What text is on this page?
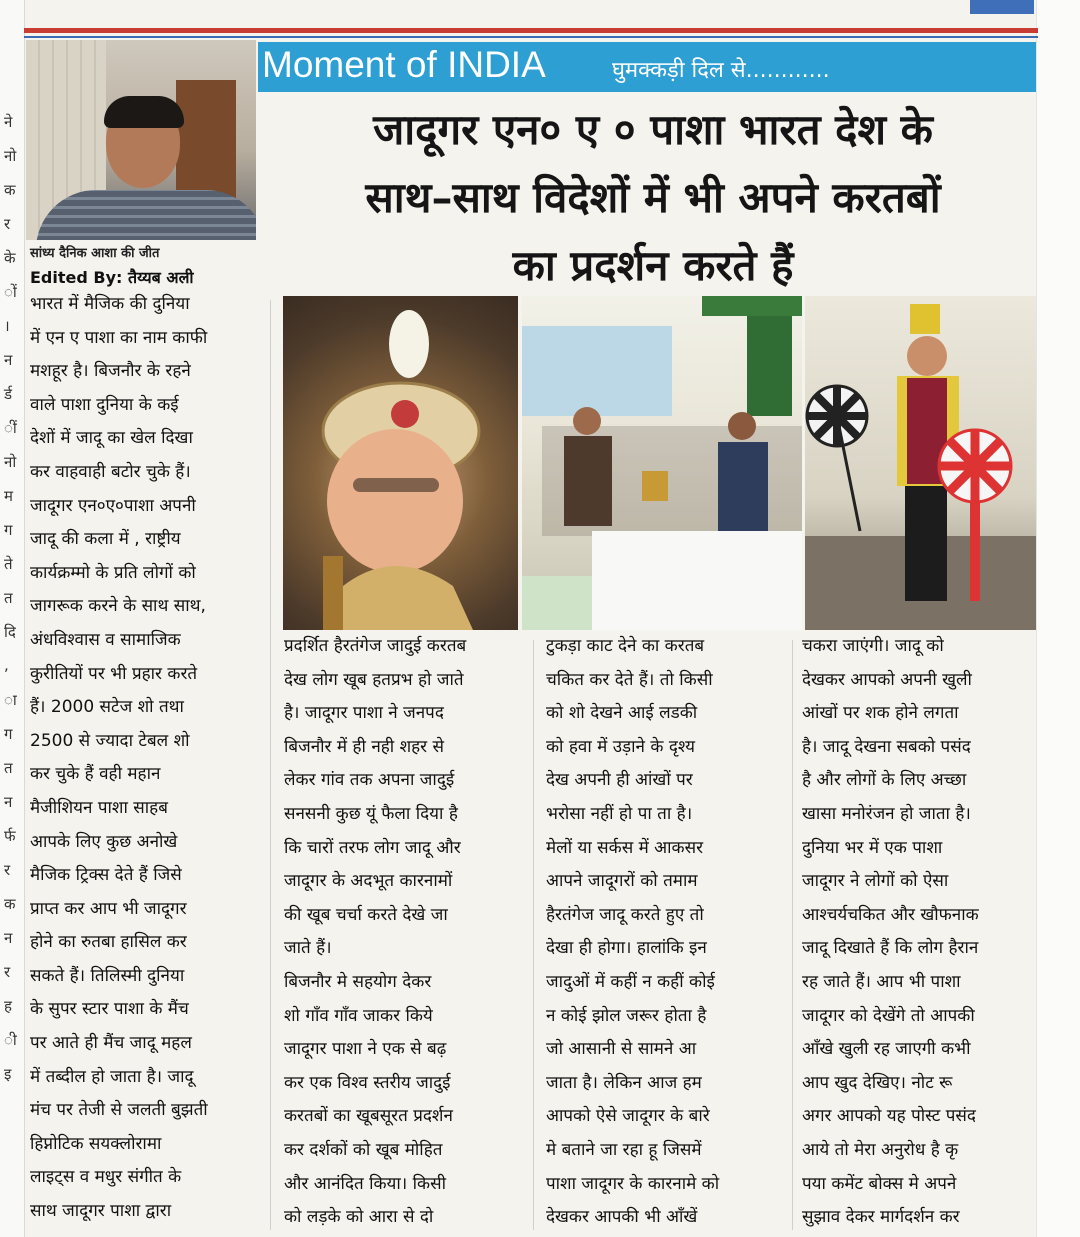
ने
नो
क
र
के
ों
।
न
र्ड
ीं
नो
म
ग
ते
त
दि
,
ा
ग
त
न
र्फ
र
क
न
र
ह
ी
इ
सांध्य दैनिक आशा की जीत
Edited By: तैय्यब अली
Moment of INDIA	घुमक्कड़ी दिल से............
जादूगर एन० ए ० पाशा भारत देश के
साथ–साथ विदेशों में भी अपने करतबों
का प्रदर्शन करते हैं
भारत में मैजिक की दुनिया
में एन ए पाशा का नाम काफी
मशहूर है। बिजनौर के रहने
वाले पाशा दुनिया के कई
देशों में जादू का खेल दिखा
कर वाहवाही बटोर चुके हैं।
जादूगर एन०ए०पाशा अपनी
जादू की कला में , राष्ट्रीय
कार्यक्रम्मो के प्रति लोगों को
जागरूक करने के साथ साथ,
अंधविश्वास व सामाजिक
कुरीतियों पर भी प्रहार करते
हैं। 2000 सटेज शो तथा
2500 से ज्यादा टेबल शो
कर चुके हैं वही महान
मैजीशियन पाशा साहब
आपके लिए कुछ अनोखे
मैजिक ट्रिक्स देते हैं जिसे
प्राप्त कर आप भी जादूगर
होने का रुतबा हासिल कर
सकते हैं। तिलिस्मी दुनिया
के सुपर स्टार पाशा के मैंच
पर आते ही मैंच जादू महल
में तब्दील हो जाता है। जादू
मंच पर तेजी से जलती बुझती
हिप्नोटिक सयक्लोरामा
लाइट्स व मधुर संगीत के
साथ जादूगर पाशा द्वारा
प्रदर्शित हैरतंगेज जादुई करतब
देख लोग खूब हतप्रभ हो जाते
है। जादूगर पाशा ने जनपद
बिजनौर में ही नही शहर से
लेकर गांव तक अपना जादुई
सनसनी कुछ यूं फैला दिया है
कि चारों तरफ लोग जादू और
जादूगर के अदभूत कारनामों
की खूब चर्चा करते देखे जा
जाते हैं।
बिजनौर मे सहयोग देकर
शो गाँव गाँव जाकर किये
जादूगर पाशा ने एक से बढ़
कर एक विश्व स्तरीय जादुई
करतबों का खूबसूरत प्रदर्शन
कर दर्शकों को खूब मोहित
और आनंदित किया। किसी
को लड़के को आरा से दो
टुकड़ा काट देने का करतब
चकित कर देते हैं। तो किसी
को शो देखने आई लडकी
को हवा में उड़ाने के दृश्य
देख अपनी ही आंखों पर
भरोसा नहीं हो पा ता है।
मेलों या सर्कस में आकसर
आपने जादूगरों को तमाम
हैरतंगेज जादू करते हुए तो
देखा ही होगा। हालांकि इन
जादुओं में कहीं न कहीं कोई
न कोई झोल जरूर होता है
जो आसानी से सामने आ
जाता है। लेकिन आज हम
आपको ऐसे जादूगर के बारे
मे बताने जा रहा हू जिसमें
पाशा जादूगर के कारनामे को
देखकर आपकी भी आँखें
चकरा जाएंगी। जादू को
देखकर आपको अपनी खुली
आंखों पर शक होने लगता
है। जादू देखना सबको पसंद
है और लोगों के लिए अच्छा
खासा मनोरंजन हो जाता है।
दुनिया भर में एक पाशा
जादूगर ने लोगों को ऐसा
आश्चर्यचकित और खौफनाक
जादू दिखाते हैं कि लोग हैरान
रह जाते हैं। आप भी पाशा
जादूगर को देखेंगे तो आपकी
आँखे खुली रह जाएगी कभी
आप खुद देखिए। नोट रू
अगर आपको यह पोस्ट पसंद
आये तो मेरा अनुरोध है कृ
पया कमेंट बोक्स मे अपने
सुझाव देकर मार्गदर्शन कर
